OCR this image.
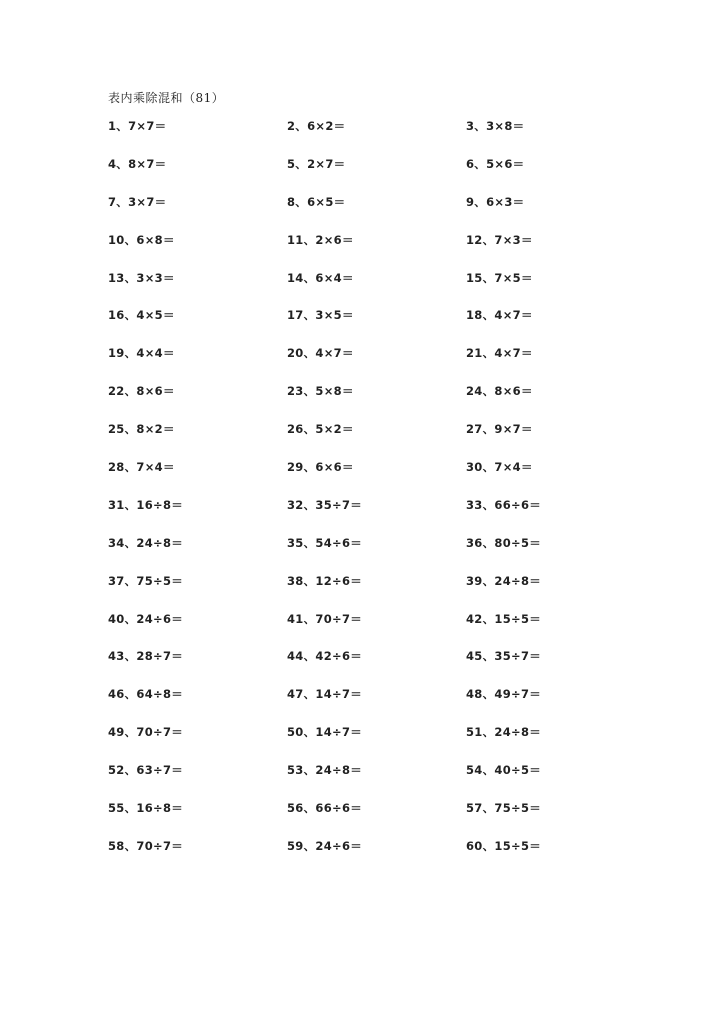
表内乘除混和（81）
1、7×7＝	2、6×2＝	3、3×8＝
4、8×7＝	5、2×7＝	6、5×6＝
7、3×7＝	8、6×5＝	9、6×3＝
10、6×8＝	11、2×6＝	12、7×3＝
13、3×3＝	14、6×4＝	15、7×5＝
16、4×5＝	17、3×5＝	18、4×7＝
19、4×4＝	20、4×7＝	21、4×7＝
22、8×6＝	23、5×8＝	24、8×6＝
25、8×2＝	26、5×2＝	27、9×7＝
28、7×4＝	29、6×6＝	30、7×4＝
31、16÷8＝	32、35÷7＝	33、66÷6＝
34、24÷8＝	35、54÷6＝	36、80÷5＝
37、75÷5＝	38、12÷6＝	39、24÷8＝
40、24÷6＝	41、70÷7＝	42、15÷5＝
43、28÷7＝	44、42÷6＝	45、35÷7＝
46、64÷8＝	47、14÷7＝	48、49÷7＝
49、70÷7＝	50、14÷7＝	51、24÷8＝
52、63÷7＝	53、24÷8＝	54、40÷5＝
55、16÷8＝	56、66÷6＝	57、75÷5＝
58、70÷7＝	59、24÷6＝	60、15÷5＝
